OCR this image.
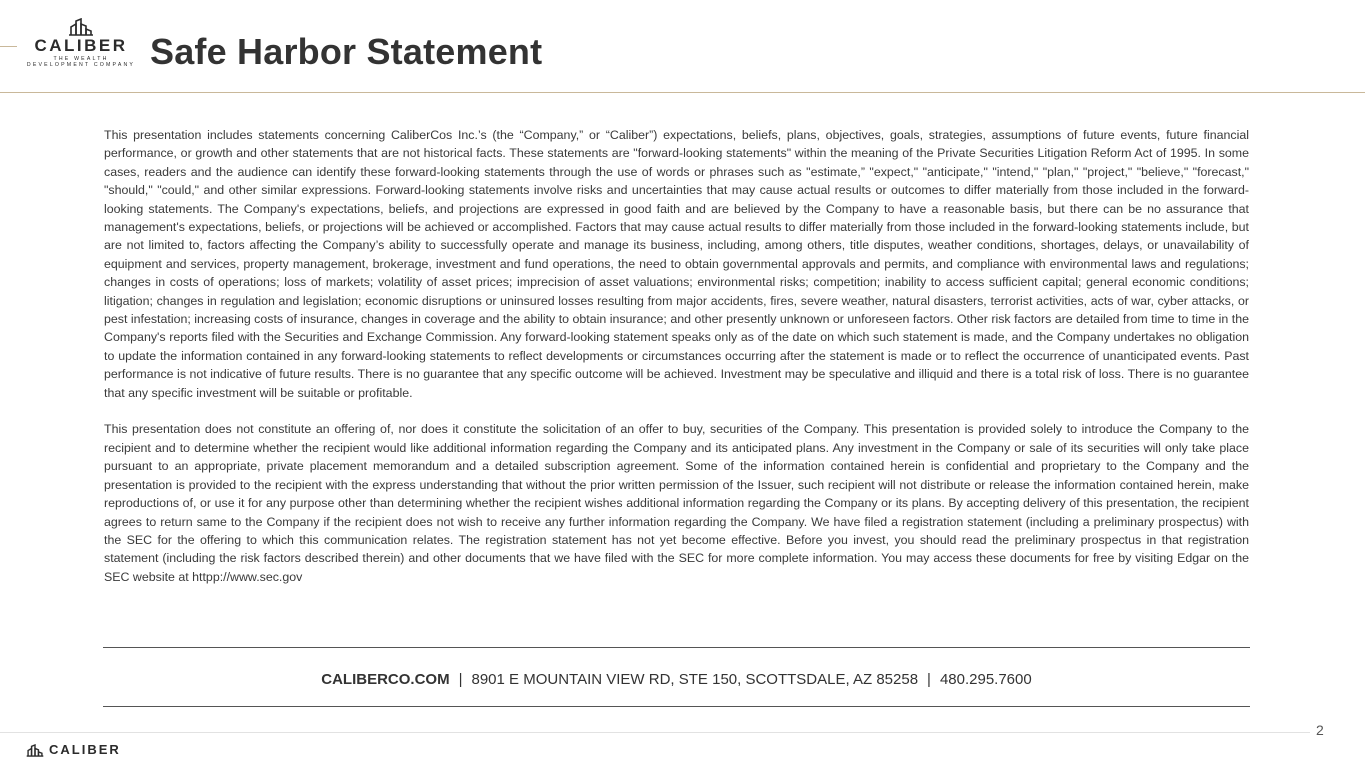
CALIBER
THE WEALTH DEVELOPMENT COMPANY Safe Harbor Statement

This presentation includes statements concerning CaliberCos Inc.’s (the “Company,” or “Caliber”) expectations, beliefs, plans, objectives, goals, strategies, assumptions of future events, future financial performance, or growth and other statements that are not historical facts. These statements are "forward-looking statements" within the meaning of the Private Securities Litigation Reform Act of 1995. In some cases, readers and the audience can identify these forward-looking statements through the use of words or phrases such as "estimate,” "expect," "anticipate," "intend," "plan," "project," "believe," "forecast," "should," "could," and other similar expressions. Forward-looking statements involve risks and uncertainties that may cause actual results or outcomes to differ materially from those included in the forward-looking statements. The Company's expectations, beliefs, and projections are expressed in good faith and are believed by the Company to have a reasonable basis, but there can be no assurance that management's expectations, beliefs, or projections will be achieved or accomplished. Factors that may cause actual results to differ materially from those included in the forward-looking statements include, but are not limited to, factors affecting the Company’s ability to successfully operate and manage its business, including, among others, title disputes, weather conditions, shortages, delays, or unavailability of equipment and services, property management, brokerage, investment and fund operations, the need to obtain governmental approvals and permits, and compliance with environmental laws and regulations; changes in costs of operations; loss of markets; volatility of asset prices; imprecision of asset valuations; environmental risks; competition; inability to access sufficient capital; general economic conditions; litigation; changes in regulation and legislation; economic disruptions or uninsured losses resulting from major accidents, fires, severe weather, natural disasters, terrorist activities, acts of war, cyber attacks, or pest infestation; increasing costs of insurance, changes in coverage and the ability to obtain insurance; and other presently unknown or unforeseen factors. Other risk factors are detailed from time to time in the Company's reports filed with the Securities and Exchange Commission. Any forward-looking statement speaks only as of the date on which such statement is made, and the Company undertakes no obligation to update the information contained in any forward-looking statements to reflect developments or circumstances occurring after the statement is made or to reflect the occurrence of unanticipated events. Past performance is not indicative of future results. There is no guarantee that any specific outcome will be achieved. Investment may be speculative and illiquid and there is a total risk of loss. There is no guarantee that any specific investment will be suitable or profitable.

This presentation does not constitute an offering of, nor does it constitute the solicitation of an offer to buy, securities of the Company. This presentation is provided solely to introduce the Company to the recipient and to determine whether the recipient would like additional information regarding the Company and its anticipated plans. Any investment in the Company or sale of its securities will only take place pursuant to an appropriate, private placement memorandum and a detailed subscription agreement. Some of the information contained herein is confidential and proprietary to the Company and the presentation is provided to the recipient with the express understanding that without the prior written permission of the Issuer, such recipient will not distribute or release the information contained herein, make reproductions of, or use it for any purpose other than determining whether the recipient wishes additional information regarding the Company or its plans. By accepting delivery of this presentation, the recipient agrees to return same to the Company if the recipient does not wish to receive any further information regarding the Company. We have filed a registration statement (including a preliminary prospectus) with the SEC for the offering to which this communication relates. The registration statement has not yet become effective. Before you invest, you should read the preliminary prospectus in that registration statement (including the risk factors described therein) and other documents that we have filed with the SEC for more complete information. You may access these documents for free by visiting Edgar on the SEC website at httpp://www.sec.gov

CALIBERCO.COM | 8901 E MOUNTAIN VIEW RD, STE 150, SCOTTSDALE, AZ 85258 | 480.295.7600
2
CALIBER
